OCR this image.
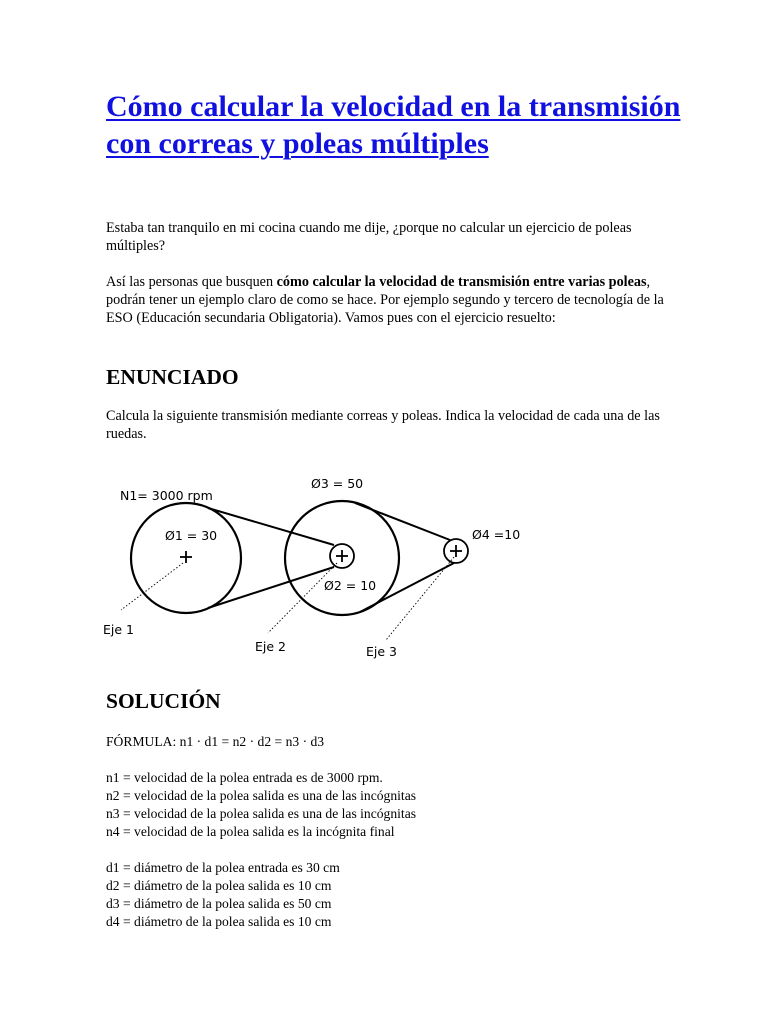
Cómo calcular la velocidad en la transmisión con correas y poleas múltiples

Estaba tan tranquilo en mi cocina cuando me dije, ¿porque no calcular un ejercicio de poleas múltiples?

Así las personas que busquen cómo calcular la velocidad de transmisión entre varias poleas, podrán tener un ejemplo claro de como se hace. Por ejemplo segundo y tercero de tecnología de la ESO (Educación secundaria Obligatoria). Vamos pues con el ejercicio resuelto:

ENUNCIADO

Calcula la siguiente transmisión mediante correas y poleas. Indica la velocidad de cada una de las ruedas.

N1= 3000 rpm
Ø1 = 30
Ø3 = 50
Ø2 = 10
Ø4 =10
Eje 1
Eje 2	Eje 3
SOLUCIÓN
FÓRMULA: n1 · d1 = n2 · d2 = n3 · d3
n1 = velocidad de la polea entrada es de 3000 rpm.
n2 = velocidad de la polea salida es una de las incógnitas
n3 = velocidad de la polea salida es una de las incógnitas
n4 = velocidad de la polea salida es la incógnita final
d1 = diámetro de la polea entrada es 30 cm
d2 = diámetro de la polea salida es 10 cm
d3 = diámetro de la polea salida es 50 cm
d4 = diámetro de la polea salida es 10 cm
